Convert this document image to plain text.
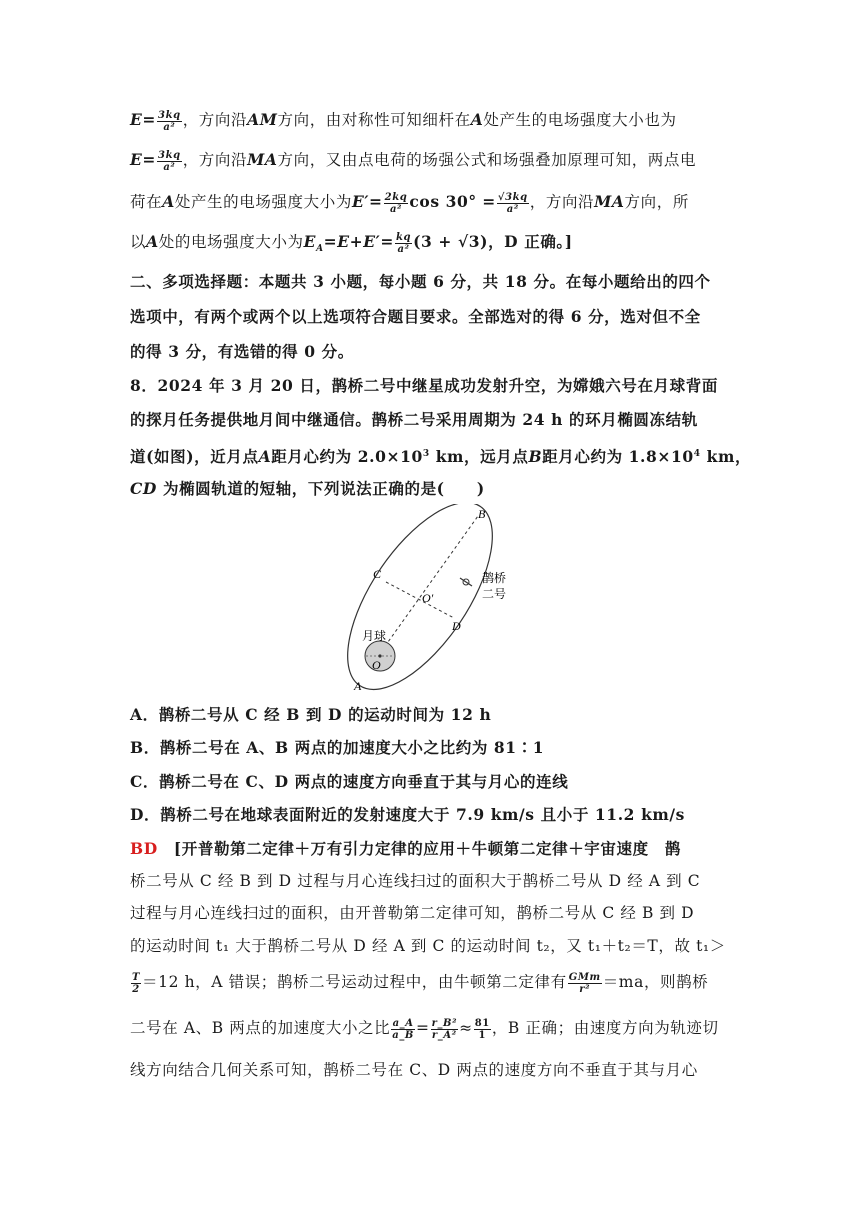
$E= \frac{3kq}{\text{a²}}$ ，方向沿AM方向，由对称性可知细杆在A处产生的电场强度大小也为
$E= \frac{3kq}{\text{a²}}$ ，方向沿MA方向，又由点电荷的场强公式和场强叠加原理可知，两点电
荷在A处产生的电场强度大小为$E'= \frac{2kq}{\text{a²}}$ $\cos 30^\circ = \frac{√3kq}{\text{a²}}$ ，方向沿MA方向，所
以A处的电场强度大小为$E_A=E+E'= \frac{kq}{\text{a²}} (3 + √3)$，D 正确。]
二、多项选择题：本题共 3 小题，每小题 6 分，共 18 分。在每小题给出的四个
选项中，有两个或两个以上选项符合题目要求。全部选对的得 6 分，选对但不全
的得 3 分，有选错的得 0 分。
8．2024 年 3 月 20 日，鹊桥二号中继星成功发射升空，为嫦娥六号在月球背面
的探月任务提供地月间中继通信。鹊桥二号采用周期为 24 h 的环月椭圆冻结轨
道(如图)，近月点A距月心约为 $2.0\times 10^3$ km，远月点B距月心约为 $1.8\times 10^4$ km，
CD 为椭圆轨道的短轴，下列说法正确的是(　　)
B
C
O′
D
月球
O
A
鹊桥
二号
A．鹊桥二号从 C 经 B 到 D 的运动时间为 12 h
B．鹊桥二号在 A、B 两点的加速度大小之比约为 81∶1
C．鹊桥二号在 C、D 两点的速度方向垂直于其与月心的连线
D．鹊桥二号在地球表面附近的发射速度大于 7.9 km/s 且小于 11.2 km/s
BD　 [开普勒第二定律＋万有引力定律的应用＋牛顿第二定律＋宇宙速度　鹊
桥二号从 C 经 B 到 D 过程与月心连线扫过的面积大于鹊桥二号从 D 经 A 到 C
过程与月心连线扫过的面积，由开普勒第二定律可知，鹊桥二号从 C 经 B 到 D
的运动时间 t₁ 大于鹊桥二号从 D 经 A 到 C 的运动时间 t₂，又 t₁＋t₂＝T，故 t₁＞
$\frac{T}{2} =12$ h，A 错误；鹊桥二号运动过程中，由牛顿第二定律有 $\frac{\text{GMm}}{\text{r²}} =ma$，则鹊桥
二号在 A、B 两点的加速度大小之比 $\frac{a\_A}{a\_B} = \frac{\text{r\_B²}}{\text{r\_A²}} \approx \frac{81}{1}$ ，B 正确；由速度方向为轨迹切
线方向结合几何关系可知，鹊桥二号在 C、D 两点的速度方向不垂直于其与月心
